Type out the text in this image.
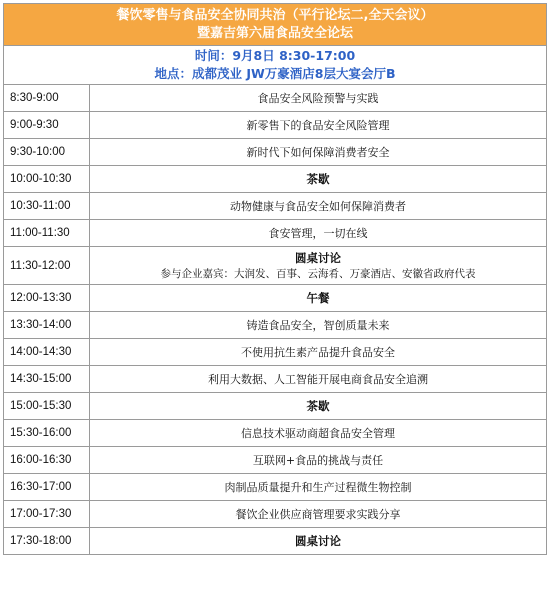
餐饮零售与食品安全协同共治（平行论坛二,全天会议）
暨嘉吉第六届食品安全论坛	

时间：9月8日 8:30-17:00
地点：成都茂业 JW万豪酒店8层大宴会厅B	

8:30-9:00	食品安全风险预警与实践
9:00-9:30	新零售下的食品安全风险管理
9:30-10:00	新时代下如何保障消费者安全
10:00-10:30	茶歇
10:30-11:00	动物健康与食品安全如何保障消费者
11:00-11:30	食安管理，一切在线
11:30-12:00	圆桌讨论
参与企业嘉宾：大润发、百事、云海肴、万豪酒店、安徽省政府代表

12:00-13:30	午餐
13:30-14:00	铸造食品安全，智创质量未来
14:00-14:30	不使用抗生素产品提升食品安全
14:30-15:00	利用大数据、人工智能开展电商食品安全追溯
15:00-15:30	茶歇
15:30-16:00	信息技术驱动商超食品安全管理
16:00-16:30	互联网+食品的挑战与责任
16:30-17:00	肉制品质量提升和生产过程微生物控制
17:00-17:30	餐饮企业供应商管理要求实践分享
17:30-18:00	圆桌讨论
